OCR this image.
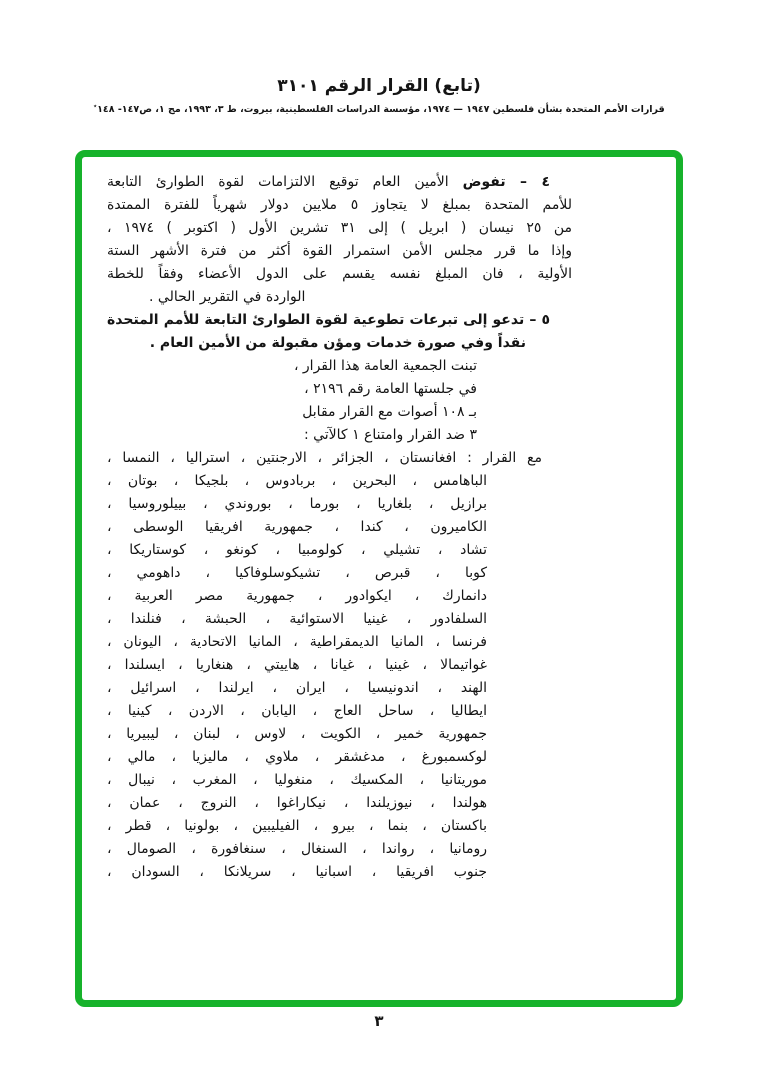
(تابع) القرار الرقم ٣١٠١
قرارات الأمم المتحدة بشأن فلسطين ١٩٤٧ — ١٩٧٤، مؤسسة الدراسات الفلسطينية، بيروت، ط ٣، ١٩٩٣، مج ١، ص١٤٧- ١٤٨٭
٤ – تفوض الأمين العام توقيع الالتزامات لقوة الطوارئ التابعة
للأمم المتحدة بمبلغ لا يتجاوز ٥ ملايين دولار شهرياً للفترة الممتدة
من ٢٥ نيسان ( ابريل ) إلى ٣١ تشرين الأول ( اكتوبر ) ١٩٧٤ ،
وإذا ما قرر مجلس الأمن استمرار القوة أكثر من فترة الأشهر الستة
الأولية ، فان المبلغ نفسه يقسم على الدول الأعضاء وفقاً للخطة
الواردة في التقرير الحالي .
٥ – تدعو إلى تبرعات تطوعية لقوة الطوارئ التابعة للأمم المتحدة
نقداً وفي صورة خدمات ومؤن مقبولة من الأمين العام .
تبنت الجمعية العامة هذا القرار ،
في جلستها العامة رقم ٢١٩٦ ،
بـ ١٠٨ أصوات مع القرار مقابل
٣ ضد القرار وامتناع ١ كالآتي :
مع القرار : افغانستان ، الجزائر ، الارجنتين ، استراليا ، النمسا ،
الباهامس ، البحرين ، بربادوس ، بلجيكا ، بوتان ،
برازيل ، بلغاريا ، بورما ، بوروندي ، بييلوروسيا ،
الكاميرون ، كندا ، جمهورية افريقيا الوسطى ،
تشاد ، تشيلي ، كولومبيا ، كونغو ، كوستاريكا ،
كوبا ، قبرص ، تشيكوسلوفاكيا ، داهومي ،
دانمارك ، ايكوادور ، جمهورية مصر العربية ،
السلفادور ، غينيا الاستوائية ، الحبشة ، فنلندا ،
فرنسا ، المانيا الديمقراطية ، المانيا الاتحادية ، اليونان ،
غواتيمالا ، غينيا ، غيانا ، هاييتي ، هنغاريا ، ايسلندا ،
الهند ، اندونيسيا ، ايران ، ايرلندا ، اسرائيل ،
ايطاليا ، ساحل العاج ، اليابان ، الاردن ، كينيا ،
جمهورية خمير ، الكويت ، لاوس ، لبنان ، ليبيريا ،
لوكسمبورغ ، مدغشقر ، ملاوي ، ماليزيا ، مالي ،
موريتانيا ، المكسيك ، منغوليا ، المغرب ، نيبال ،
هولندا ، نيوزيلندا ، نيكاراغوا ، النروج ، عمان ،
باكستان ، بنما ، بيرو ، الفيليبين ، بولونيا ، قطر ،
رومانيا ، رواندا ، السنغال ، سنغافورة ، الصومال ،
جنوب افريقيا ، اسبانيا ، سريلانكا ، السودان ،
٣
